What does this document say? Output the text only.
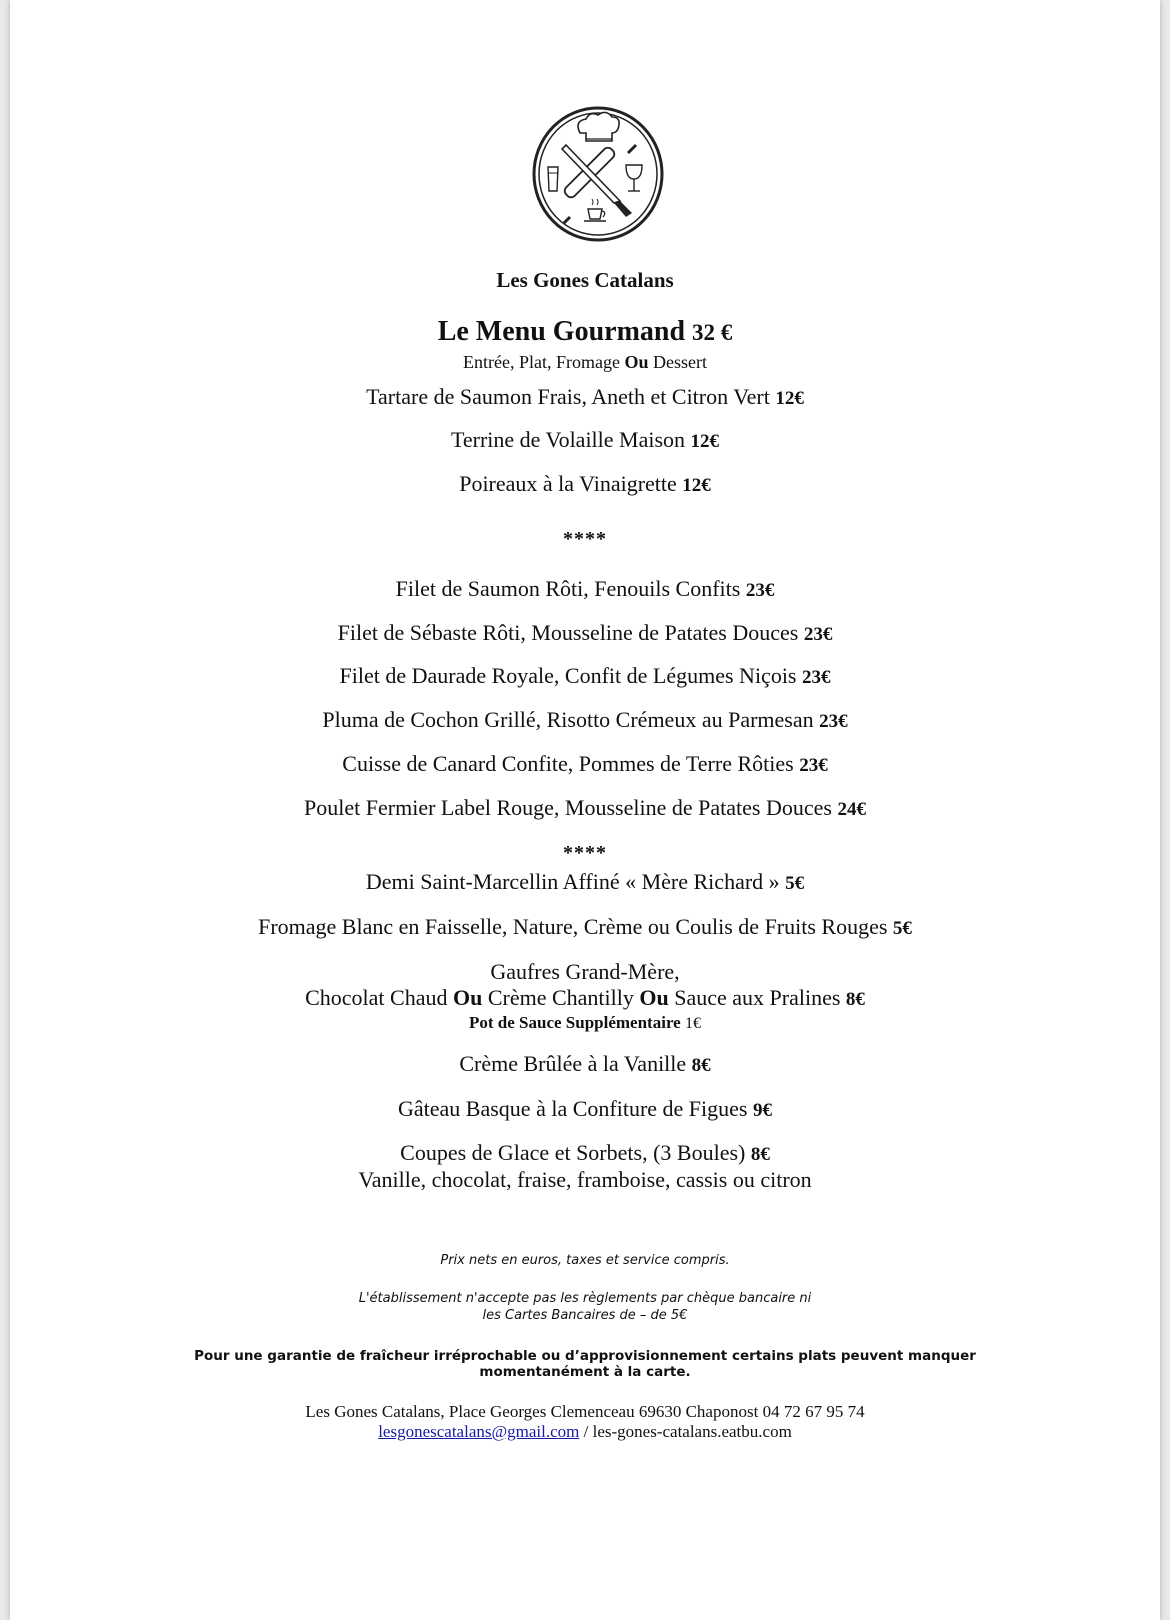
Les Gones Catalans
Le Menu Gourmand 32 €
Entrée, Plat, Fromage Ou Dessert
Tartare de Saumon Frais, Aneth et Citron Vert 12€
Terrine de Volaille Maison 12€
Poireaux à la Vinaigrette 12€
****
Filet de Saumon Rôti, Fenouils Confits 23€
Filet de Sébaste Rôti, Mousseline de Patates Douces 23€
Filet de Daurade Royale, Confit de Légumes Niçois 23€
Pluma de Cochon Grillé, Risotto Crémeux au Parmesan 23€
Cuisse de Canard Confite, Pommes de Terre Rôties 23€
Poulet Fermier Label Rouge, Mousseline de Patates Douces 24€
****
Demi Saint-Marcellin Affiné « Mère Richard » 5€
Fromage Blanc en Faisselle, Nature, Crème ou Coulis de Fruits Rouges 5€
Gaufres Grand-Mère,
Chocolat Chaud Ou Crème Chantilly Ou Sauce aux Pralines 8€
Pot de Sauce Supplémentaire 1€
Crème Brûlée à la Vanille 8€
Gâteau Basque à la Confiture de Figues 9€
Coupes de Glace et Sorbets, (3 Boules) 8€
Vanille, chocolat, fraise, framboise, cassis ou citron
Prix nets en euros, taxes et service compris.
L'établissement n'accepte pas les règlements par chèque bancaire ni
les Cartes Bancaires de – de 5€
Pour une garantie de fraîcheur irréprochable ou d’approvisionnement certains plats peuvent manquer
momentanément à la carte.
Les Gones Catalans, Place Georges Clemenceau 69630 Chaponost 04 72 67 95 74
lesgonescatalans@gmail.com / les-gones-catalans.eatbu.com
